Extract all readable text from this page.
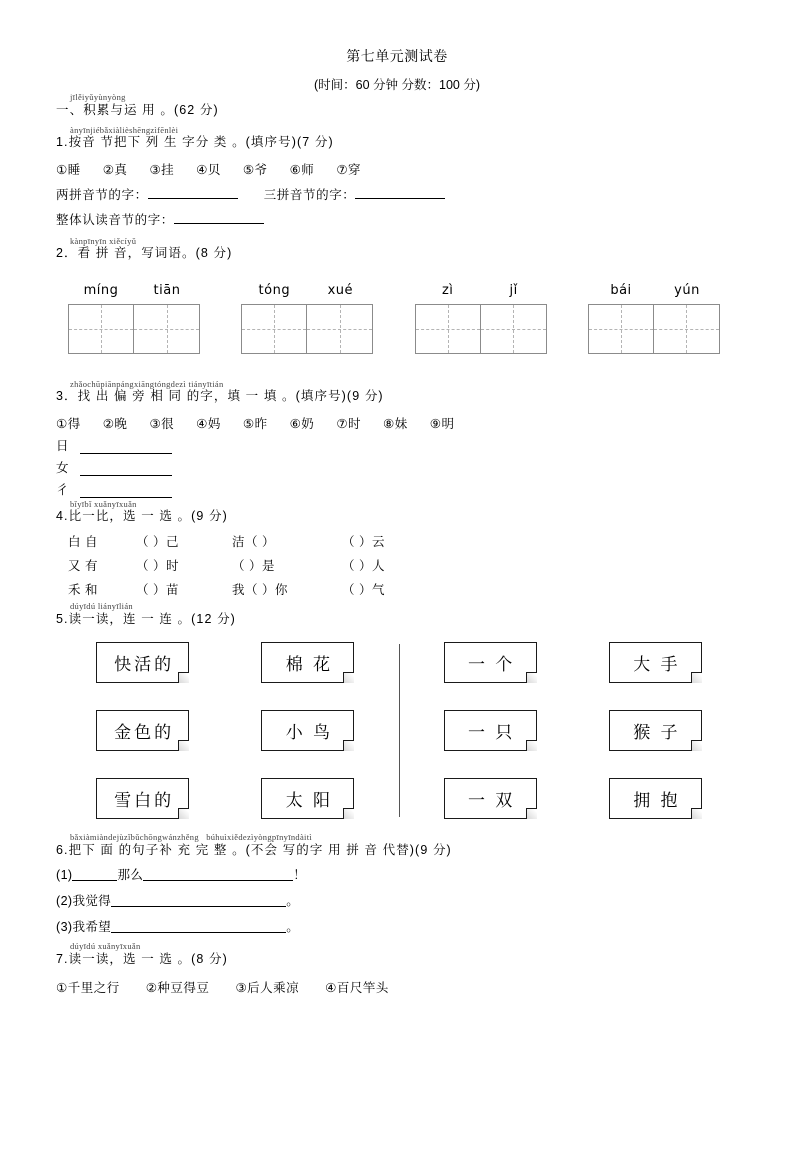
第七单元测试卷
(时间：60 分钟 分数：100 分)
jīlěiyǔyùnyòng
一、积累与运 用 。(62 分)
ànyīnjiébǎxiàlièshēngzìfēnlèi
1.按音 节把下 列 生 字分 类 。(填序号)(7 分)
①睡 ②真 ③挂 ④贝 ⑤爷 ⑥师 ⑦穿
两拼音节的字：	三拼音节的字：
整体认读音节的字：
kànpīnyīn xiěcíyǔ
2．看 拼 音，写词语。(8 分)
míng	tiān	tóng	xué	zì	jǐ	bái	yún
zhǎochūpiānpángxiāngtóngdezì tiányītián
3．找 出 偏 旁 相 同 的字，填 一 填 。(填序号)(9 分)
①得 ②晚 ③很 ④妈 ⑤昨 ⑥奶 ⑦时 ⑧妹 ⑨明
日
女
彳
bǐyībǐ xuǎnyīxuǎn
4.比一比，选 一 选 。(9 分)
白 自	（ ）己	洁（ ）	（ ）云
又 有	（ ）时	（ ）是	（ ）人
禾 和	（ ）苗	我（ ）你	（ ）气
dúyīdú liányīlián
5.读一读，连 一 连 。(12 分)
快活的
金色的
雪白的
棉 花
小 鸟
太 阳
一 个
一 只
一 双
大 手
猴 子
拥 抱
bǎxiàmiàndejùzǐbǔchōngwánzhěng búhuìxiědezìyòngpīnyīndàitì
6.把下 面 的句子补 充 完 整 。(不会 写的字 用 拼 音 代替)(9 分)
(1)	那么	！
(2)我觉得	。
(3)我希望	。
dúyīdú xuǎnyīxuǎn
7.读一读，选 一 选 。(8 分)
①千里之行 ②种豆得豆 ③后人乘凉 ④百尺竿头
